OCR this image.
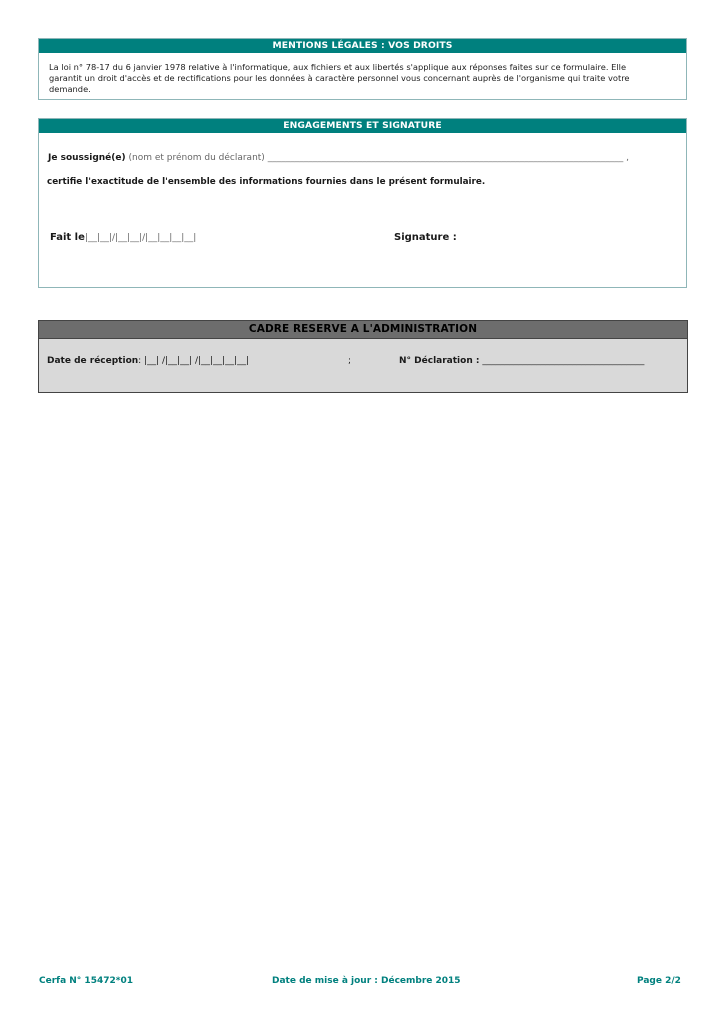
MENTIONS LÉGALES : VOS DROITS
La loi n° 78-17 du 6 janvier 1978 relative à l'informatique, aux fichiers et aux libertés s'applique aux réponses faites sur ce formulaire. Elle
garantit un droit d'accès et de rectifications pour les données à caractère personnel vous concernant auprès de l'organisme qui traite votre
demande.
ENGAGEMENTS ET SIGNATURE
Je soussigné(e) (nom et prénom du déclarant) _______________________________________________________________________________ ,
certifie l'exactitude de l'ensemble des informations fournies dans le présent formulaire.
Fait le|__|__|/|__|__|/|__|__|__|__|	Signature :
CADRE RESERVE A L'ADMINISTRATION
Date de réception: |__| /|__|__| /|__|__|__|__|	;	N° Déclaration : ____________________________________
Cerfa N° 15472*01	Date de mise à jour : Décembre 2015	Page 2/2
